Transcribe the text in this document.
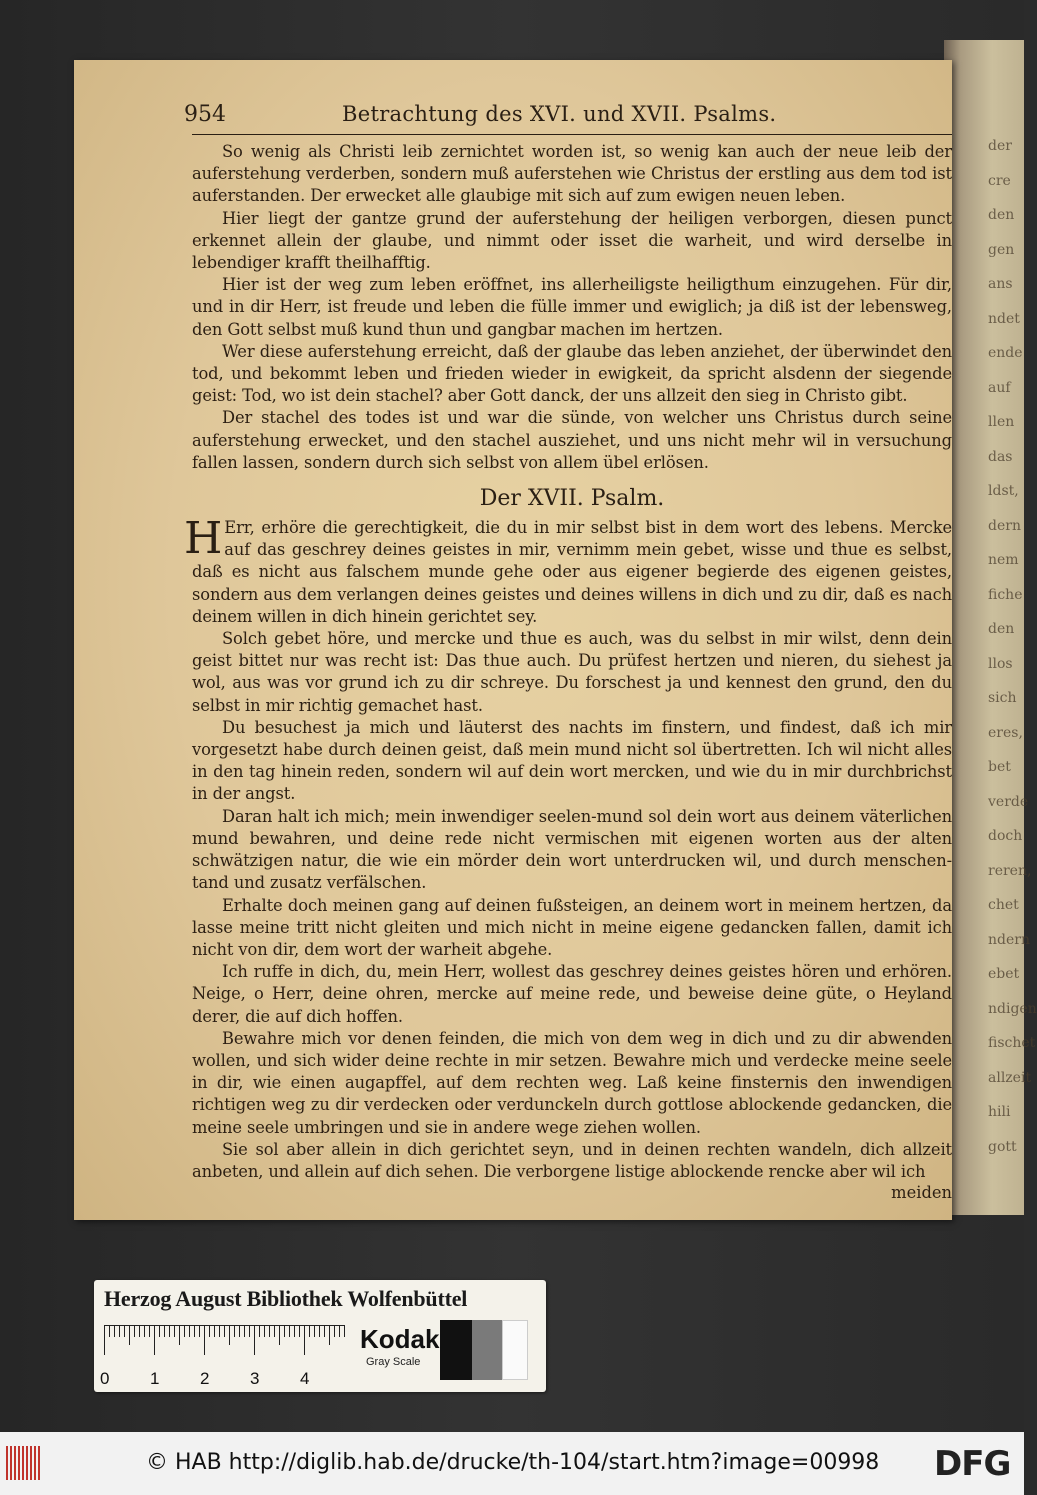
der
cre
den
gen
ans
ndet
ende
auf
llen
das
ldst,
dern
nem
fiche
den
llos
sich
eres,
bet
verde
doch
reren,
chet
ndern
ebet
ndigen
fischet
allzeit
hili
gott
954	Betrachtung des XVI. und XVII. Psalms.

So wenig als Christi leib zernichtet worden ist, so wenig kan auch der neue leib der auferstehung verderben, sondern muß auferstehen wie Christus der erstling aus dem tod ist auferstanden. Der erwecket alle glaubige mit sich auf zum ewigen neuen leben.

Hier liegt der gantze grund der auferstehung der heiligen verborgen, diesen punct erkennet allein der glaube, und nimmt oder isset die warheit, und wird derselbe in lebendiger krafft theilhafftig.

Hier ist der weg zum leben eröffnet, ins allerheiligste heiligthum einzugehen. Für dir, und in dir Herr, ist freude und leben die fülle immer und ewiglich; ja diß ist der lebensweg, den Gott selbst muß kund thun und gangbar machen im hertzen.

Wer diese auferstehung erreicht, daß der glaube das leben anziehet, der überwindet den tod, und bekommt leben und frieden wieder in ewigkeit, da spricht alsdenn der siegende geist: Tod, wo ist dein stachel? aber Gott danck, der uns allzeit den sieg in Christo gibt.

Der stachel des todes ist und war die sünde, von welcher uns Christus durch seine auferstehung erwecket, und den stachel ausziehet, und uns nicht mehr wil in versuchung fallen lassen, sondern durch sich selbst von allem übel erlösen.

Der XVII. Psalm.

H Err, erhöre die gerechtigkeit, die du in mir selbst bist in dem wort des lebens. Mercke auf das geschrey deines geistes in mir, vernimm mein gebet, wisse und thue es selbst, daß es nicht aus falschem munde gehe oder aus eigener begierde des eigenen geistes, sondern aus dem verlangen deines geistes und deines willens in dich und zu dir, daß es nach deinem willen in dich hinein gerichtet sey.

Solch gebet höre, und mercke und thue es auch, was du selbst in mir wilst, denn dein geist bittet nur was recht ist: Das thue auch. Du prüfest hertzen und nieren, du siehest ja wol, aus was vor grund ich zu dir schreye. Du forschest ja und kennest den grund, den du selbst in mir richtig gemachet hast.

Du besuchest ja mich und läuterst des nachts im finstern, und findest, daß ich mir vorgesetzt habe durch deinen geist, daß mein mund nicht sol übertretten. Ich wil nicht alles in den tag hinein reden, sondern wil auf dein wort mercken, und wie du in mir durchbrichst in der angst.

Daran halt ich mich; mein inwendiger seelen-mund sol dein wort aus deinem väterlichen mund bewahren, und deine rede nicht vermischen mit eigenen worten aus der alten schwätzigen natur, die wie ein mörder dein wort unterdrucken wil, und durch menschen-tand und zusatz verfälschen.

Erhalte doch meinen gang auf deinen fußsteigen, an deinem wort in meinem hertzen, da lasse meine tritt nicht gleiten und mich nicht in meine eigene gedancken fallen, damit ich nicht von dir, dem wort der warheit abgehe.

Ich ruffe in dich, du, mein Herr, wollest das geschrey deines geistes hören und erhören. Neige, o Herr, deine ohren, mercke auf meine rede, und beweise deine güte, o Heyland derer, die auf dich hoffen.

Bewahre mich vor denen feinden, die mich von dem weg in dich und zu dir abwenden wollen, und sich wider deine rechte in mir setzen. Bewahre mich und verdecke meine seele in dir, wie einen augapffel, auf dem rechten weg. Laß keine finsternis den inwendigen richtigen weg zu dir verdecken oder verdunckeln durch gottlose ablockende gedancken, die meine seele umbringen und sie in andere wege ziehen wollen.

Sie sol aber allein in dich gerichtet seyn, und in deinen rechten wandeln, dich allzeit anbeten, und allein auf dich sehen. Die verborgene listige ablockende rencke aber wil ich

meiden
Herzog August Bibliothek Wolfenbüttel
0 1 2 3 4
Kodak
Gray Scale
© HAB http://diglib.hab.de/drucke/th-104/start.htm?image=00998 DFG
